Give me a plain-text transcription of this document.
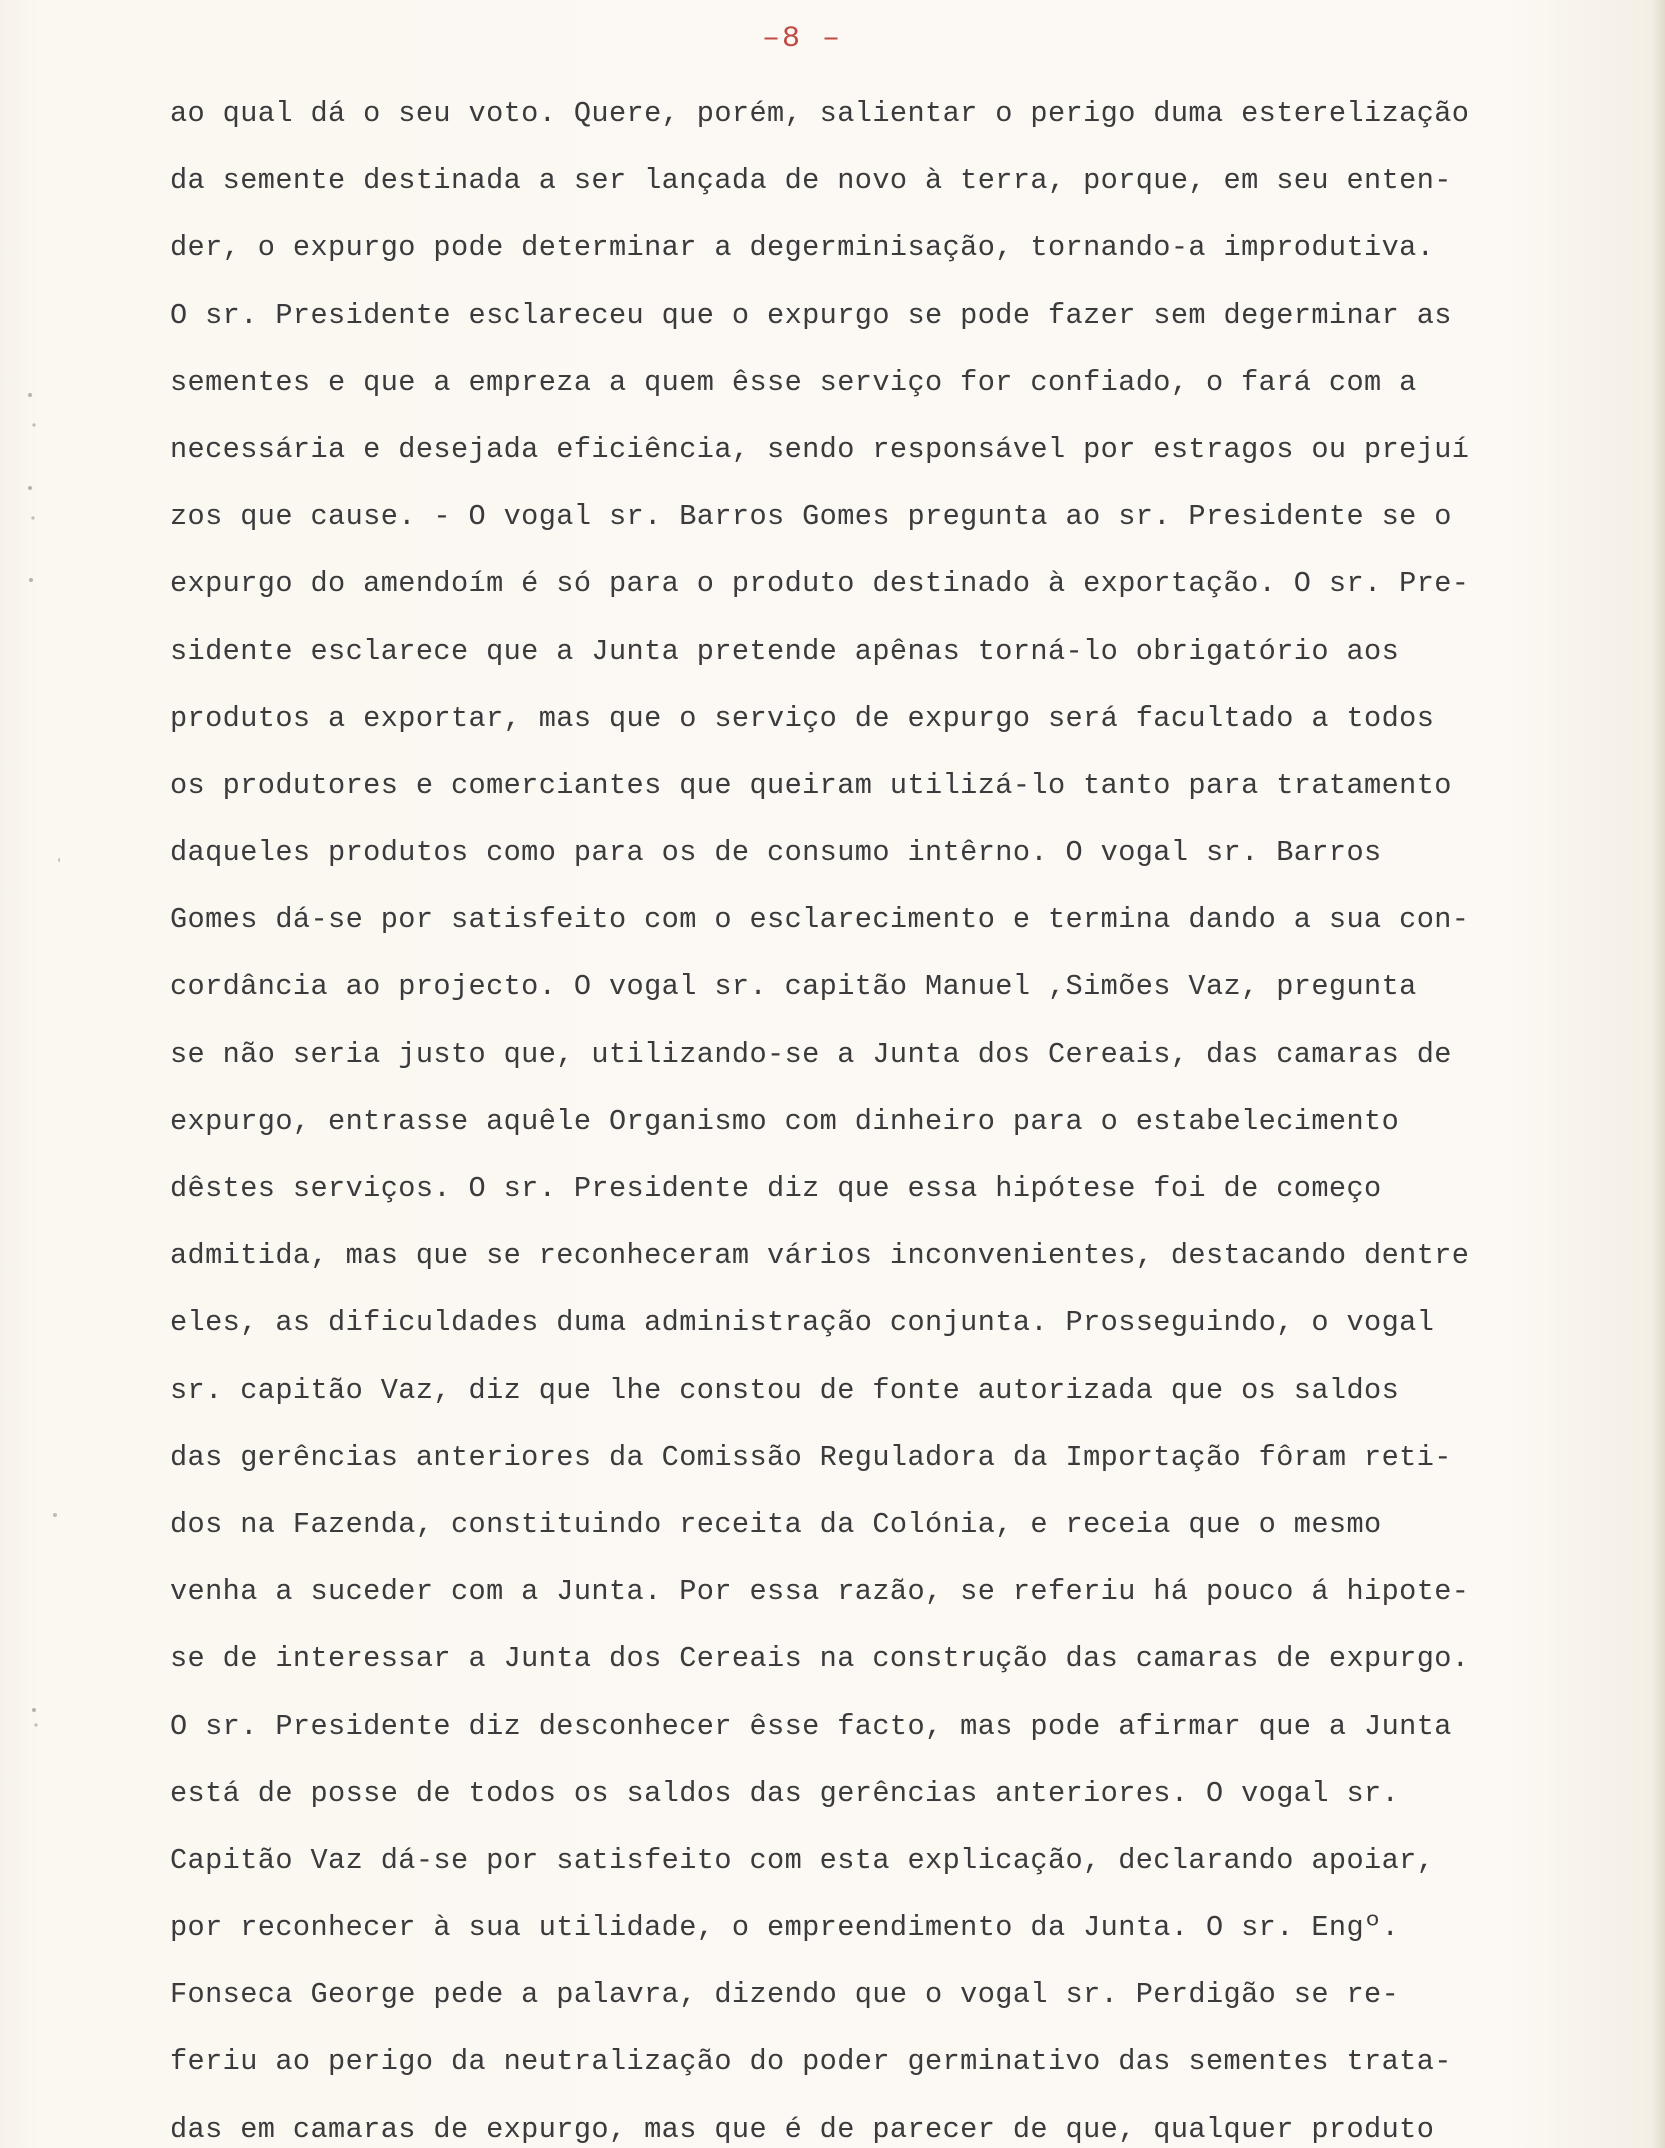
– 8 –
ao qual dá o seu voto. Quere, porém, salientar o perigo duma esterelização
da semente destinada a ser lançada de novo à terra, porque, em seu enten-
der, o expurgo pode determinar a degerminisação, tornando-a improdutiva.
O sr. Presidente esclareceu que o expurgo se pode fazer sem degerminar as
sementes e que a empreza a quem êsse serviço for confiado, o fará com a
necessária e desejada eficiência, sendo responsável por estragos ou prejuí
zos que cause. - O vogal sr. Barros Gomes pregunta ao sr. Presidente se o
expurgo do amendoím é só para o produto destinado à exportação. O sr. Pre-
sidente esclarece que a Junta pretende apênas torná-lo obrigatório aos
produtos a exportar, mas que o serviço de expurgo será facultado a todos
os produtores e comerciantes que queiram utilizá-lo tanto para tratamento
daqueles produtos como para os de consumo intêrno. O vogal sr. Barros
Gomes dá-se por satisfeito com o esclarecimento e termina dando a sua con-
cordância ao projecto. O vogal sr. capitão Manuel ,Simões Vaz, pregunta
se não seria justo que, utilizando-se a Junta dos Cereais, das camaras de
expurgo, entrasse aquêle Organismo com dinheiro para o estabelecimento
dêstes serviços. O sr. Presidente diz que essa hipótese foi de começo
admitida, mas que se reconheceram vários inconvenientes, destacando dentre
eles, as dificuldades duma administração conjunta. Prosseguindo, o vogal
sr. capitão Vaz, diz que lhe constou de fonte autorizada que os saldos
das gerências anteriores da Comissão Reguladora da Importação fôram reti-
dos na Fazenda, constituindo receita da Colónia, e receia que o mesmo
venha a suceder com a Junta. Por essa razão, se referiu há pouco á hipote-
se de interessar a Junta dos Cereais na construção das camaras de expurgo.
O sr. Presidente diz desconhecer êsse facto, mas pode afirmar que a Junta
está de posse de todos os saldos das gerências anteriores. O vogal sr.
Capitão Vaz dá-se por satisfeito com esta explicação, declarando apoiar,
por reconhecer à sua utilidade, o empreendimento da Junta. O sr. Engº.
Fonseca George pede a palavra, dizendo que o vogal sr. Perdigão se re-
feriu ao perigo da neutralização do poder germinativo das sementes trata-
das em camaras de expurgo, mas que é de parecer de que, qualquer produto
